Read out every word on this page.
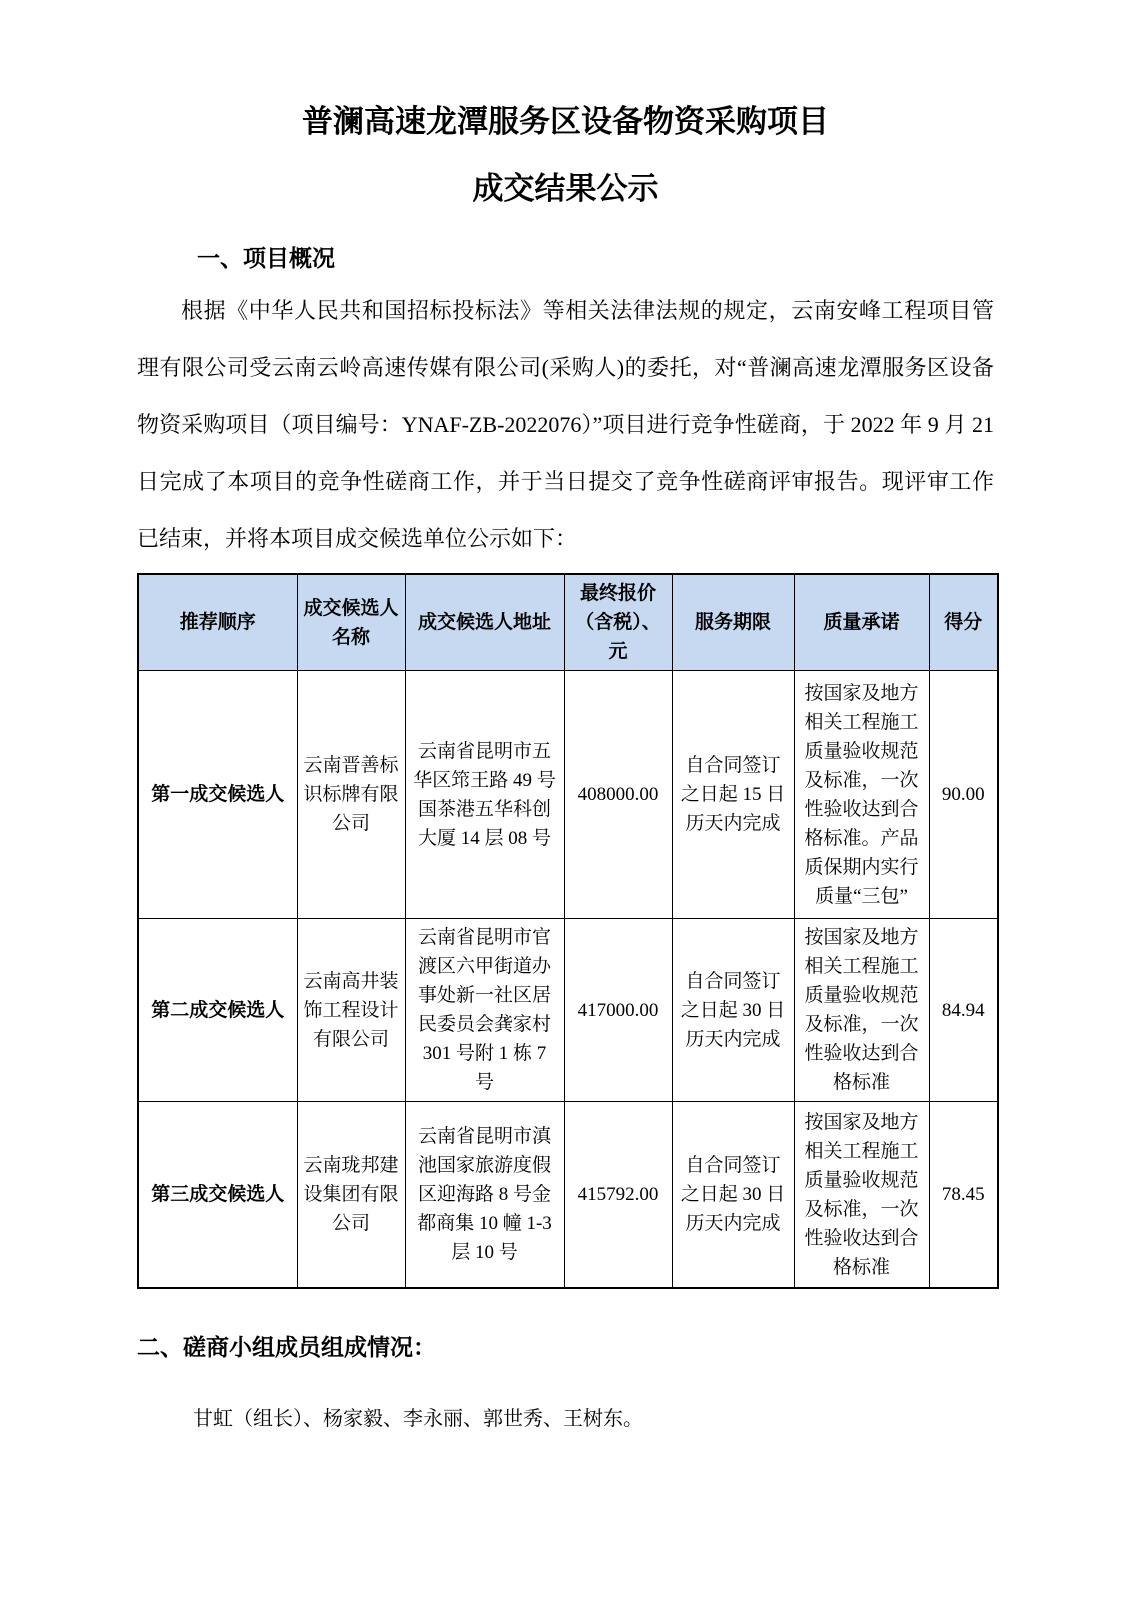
普澜高速龙潭服务区设备物资采购项目
成交结果公示
一、项目概况
根据《中华人民共和国招标投标法》等相关法律法规的规定，云南安峰工程项目管理有限公司受云南云岭高速传媒有限公司(采购人)的委托，对“普澜高速龙潭服务区设备物资采购项目（项目编号：YNAF-ZB-2022076）”项目进行竞争性磋商，于 2022 年 9 月 21 日完成了本项目的竞争性磋商工作，并于当日提交了竞争性磋商评审报告。现评审工作已结束，并将本项目成交候选单位公示如下：
推荐顺序	成交候选人名称	成交候选人地址	最终报价（含税）、元	服务期限	质量承诺	得分
第一成交候选人	云南晋善标识标牌有限公司	云南省昆明市五华区筇王路 49 号国茶港五华科创大厦 14 层 08 号	408000.00	自合同签订之日起 15 日历天内完成	按国家及地方相关工程施工质量验收规范及标准，一次性验收达到合格标准。产品质保期内实行质量“三包”	90.00
第二成交候选人	云南高井装饰工程设计有限公司	云南省昆明市官渡区六甲街道办事处新一社区居民委员会龚家村 301 号附 1 栋 7 号	417000.00	自合同签订之日起 30 日历天内完成	按国家及地方相关工程施工质量验收规范及标准，一次性验收达到合格标准	84.94
第三成交候选人	云南珑邦建设集团有限公司	云南省昆明市滇池国家旅游度假区迎海路 8 号金都商集 10 幢 1-3 层 10 号	415792.00	自合同签订之日起 30 日历天内完成	按国家及地方相关工程施工质量验收规范及标准，一次性验收达到合格标准	78.45
二、磋商小组成员组成情况：
甘虹（组长）、杨家毅、李永丽、郭世秀、王树东。
